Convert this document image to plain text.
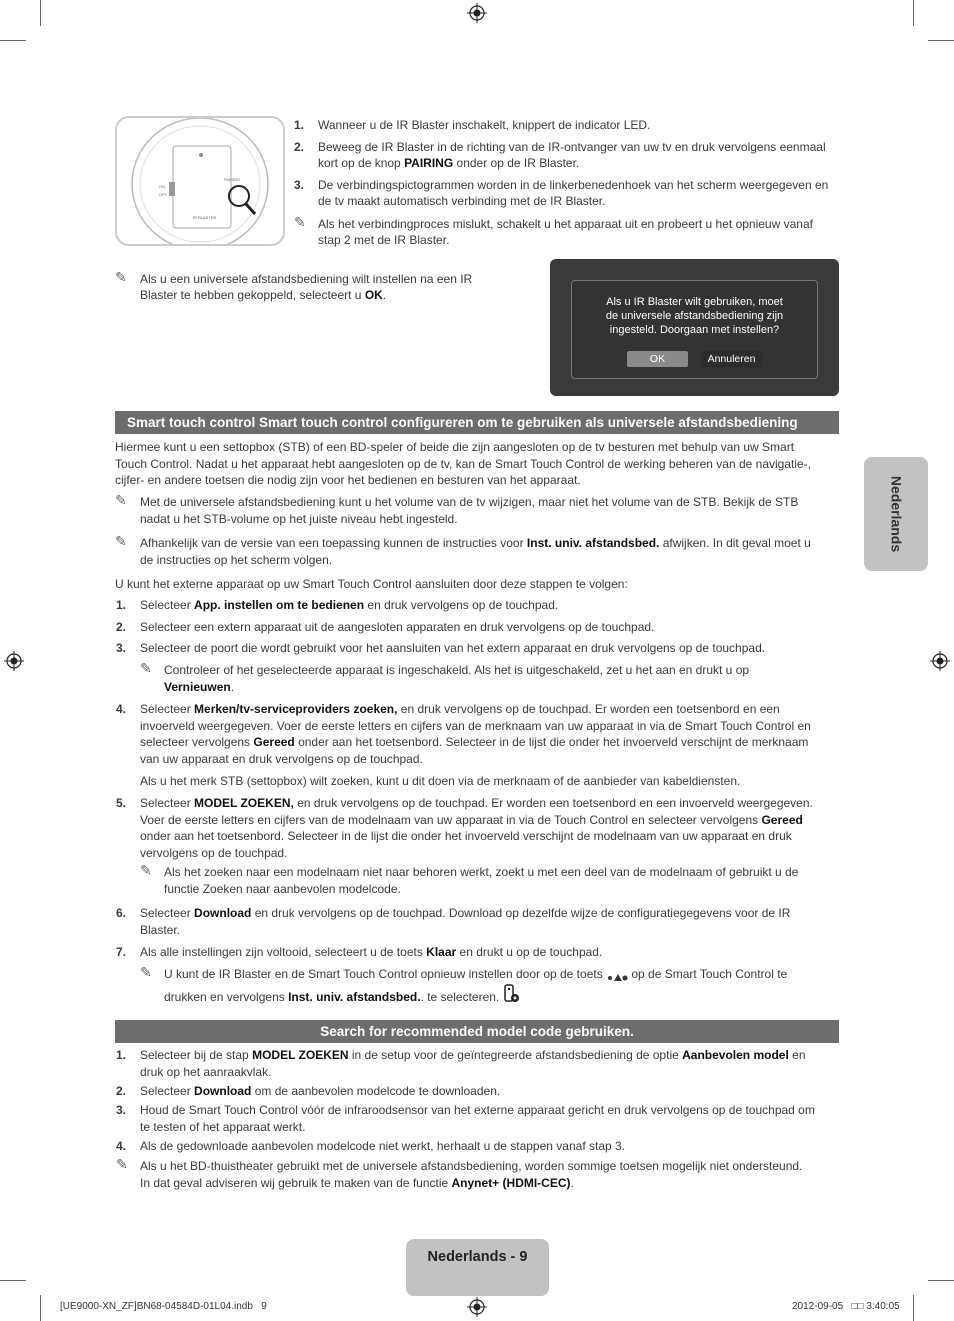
PAIRING
ON
OFF
IR BLASTER
1. Wanneer u de IR Blaster inschakelt, knippert de indicator LED.
2. Beweeg de IR Blaster in de richting van de IR-ontvanger van uw tv en druk vervolgens eenmaal
kort op de knop PAIRING onder op de IR Blaster.
3. De verbindingspictogrammen worden in de linkerbenedenhoek van het scherm weergegeven en
de tv maakt automatisch verbinding met de IR Blaster.
✎ Als het verbindingproces mislukt, schakelt u het apparaat uit en probeert u het opnieuw vanaf
stap 2 met de IR Blaster.
✎ Als u een universele afstandsbediening wilt instellen na een IR
Blaster te hebben gekoppeld, selecteert u OK.	Als u IR Blaster wilt gebruiken, moet
de universele afstandsbediening zijn
ingesteld. Doorgaan met instellen?
OK	Annuleren
Smart touch control Smart touch control configureren om te gebruiken als universele afstandsbediening
Hiermee kunt u een settopbox (STB) of een BD-speler of beide die zijn aangesloten op de tv besturen met behulp van uw Smart
Touch Control. Nadat u het apparaat hebt aangesloten op de tv, kan de Smart Touch Control de werking beheren van de navigatie-,
cijfer- en andere toetsen die nodig zijn voor het bedienen en besturen van het apparaat.
✎ Met de universele afstandsbediening kunt u het volume van de tv wijzigen, maar niet het volume van de STB. Bekijk de STB
nadat u het STB-volume op het juiste niveau hebt ingesteld.
✎ Afhankelijk van de versie van een toepassing kunnen de instructies voor Inst. univ. afstandsbed. afwijken. In dit geval moet u
de instructies op het scherm volgen.
U kunt het externe apparaat op uw Smart Touch Control aansluiten door deze stappen te volgen:
1. Selecteer App. instellen om te bedienen en druk vervolgens op de touchpad.
2. Selecteer een extern apparaat uit de aangesloten apparaten en druk vervolgens op de touchpad.
3. Selecteer de poort die wordt gebruikt voor het aansluiten van het extern apparaat en druk vervolgens op de touchpad.
✎ Controleer of het geselecteerde apparaat is ingeschakeld. Als het is uitgeschakeld, zet u het aan en drukt u op
Vernieuwen.
4. Selecteer Merken/tv-serviceproviders zoeken, en druk vervolgens op de touchpad. Er worden een toetsenbord en een
invoerveld weergegeven. Voer de eerste letters en cijfers van de merknaam van uw apparaat in via de Smart Touch Control en
selecteer vervolgens Gereed onder aan het toetsenbord. Selecteer in de lijst die onder het invoerveld verschijnt de merknaam
van uw apparaat en druk vervolgens op de touchpad.
Als u het merk STB (settopbox) wilt zoeken, kunt u dit doen via de merknaam of de aanbieder van kabeldiensten.
5. Selecteer MODEL ZOEKEN, en druk vervolgens op de touchpad. Er worden een toetsenbord en een invoerveld weergegeven.
Voer de eerste letters en cijfers van de modelnaam van uw apparaat in via de Touch Control en selecteer vervolgens Gereed
onder aan het toetsenbord. Selecteer in de lijst die onder het invoerveld verschijnt de modelnaam van uw apparaat en druk
vervolgens op de touchpad.
✎ Als het zoeken naar een modelnaam niet naar behoren werkt, zoekt u met een deel van de modelnaam of gebruikt u de
functie Zoeken naar aanbevolen modelcode.
6. Selecteer Download en druk vervolgens op de touchpad. Download op dezelfde wijze de configuratiegegevens voor de IR
Blaster.
7. Als alle instellingen zijn voltooid, selecteert u de toets Klaar en drukt u op de touchpad.
✎ U kunt de IR Blaster en de Smart Touch Control opnieuw instellen door op de toets  op de Smart Touch Control te
drukken en vervolgens Inst. univ. afstandsbed.. te selecteren.
Search for recommended model code gebruiken.
1. Selecteer bij de stap MODEL ZOEKEN in de setup voor de geïntegreerde afstandsbediening de optie Aanbevolen model en
druk op het aanraakvlak.
2. Selecteer Download om de aanbevolen modelcode te downloaden.
3. Houd de Smart Touch Control vóór de infraroodsensor van het externe apparaat gericht en druk vervolgens op de touchpad om
te testen of het apparaat werkt.
4. Als de gedownloade aanbevolen modelcode niet werkt, herhaalt u de stappen vanaf stap 3.
✎ Als u het BD-thuistheater gebruikt met de universele afstandsbediening, worden sommige toetsen mogelijk niet ondersteund.
In dat geval adviseren wij gebruik te maken van de functie Anynet+ (HDMI-CEC).
Nederlands
Nederlands - 9
[UE9000-XN_ZF]BN68-04584D-01L04.indb   9	2012-09-05   □□ 3:40:05
